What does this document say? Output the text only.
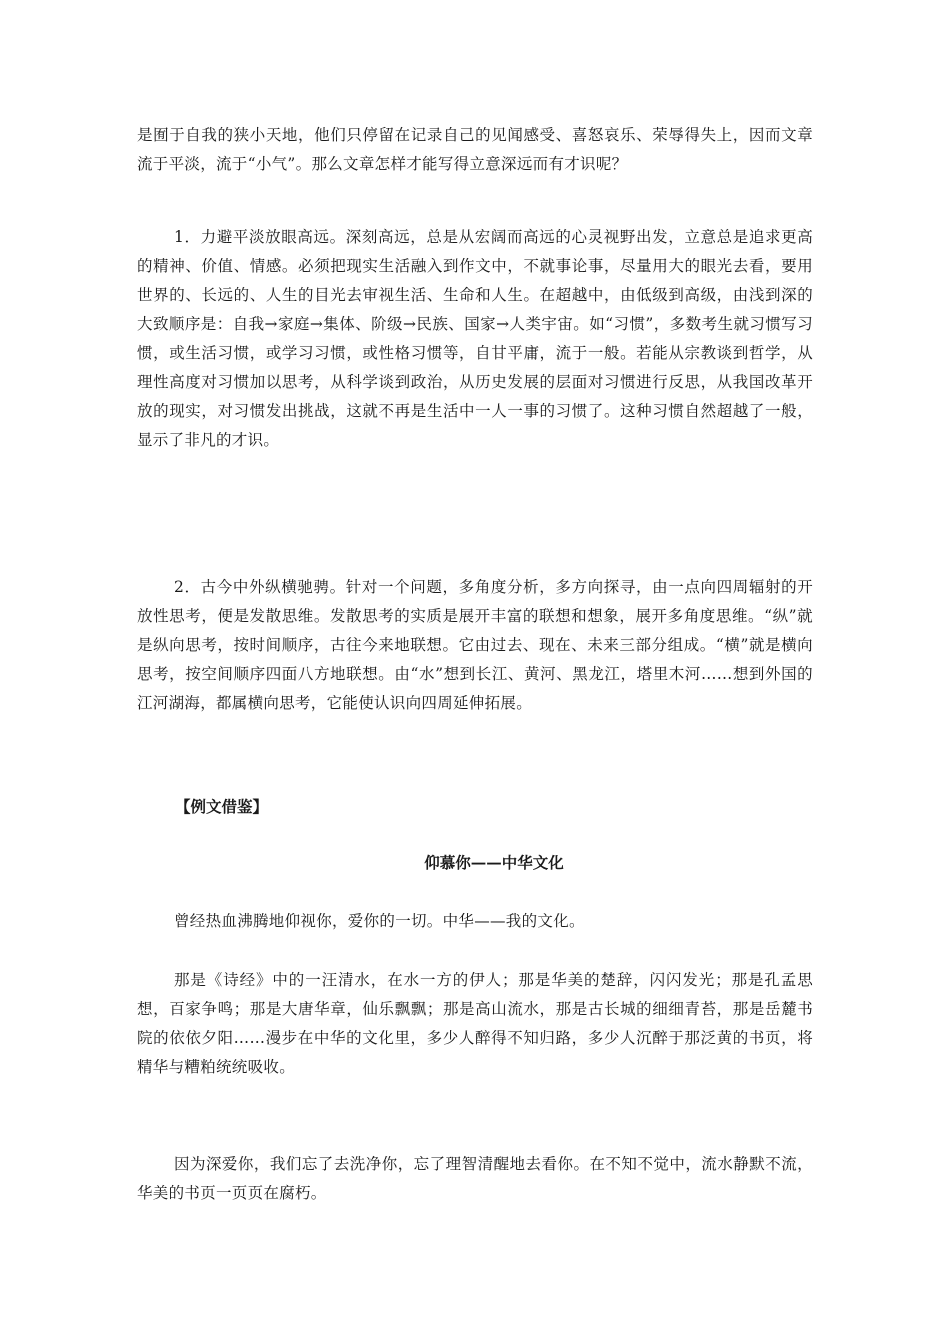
是囿于自我的狭小天地，他们只停留在记录自己的见闻感受、喜怒哀乐、荣辱得失上，因而文章流于平淡，流于“小气”。那么文章怎样才能写得立意深远而有才识呢？

1．力避平淡放眼高远。深刻高远，总是从宏阔而高远的心灵视野出发，立意总是追求更高的精神、价值、情感。必须把现实生活融入到作文中，不就事论事，尽量用大的眼光去看，要用世界的、长远的、人生的目光去审视生活、生命和人生。在超越中，由低级到高级，由浅到深的大致顺序是：自我→家庭→集体、阶级→民族、国家→人类宇宙。如“习惯”，多数考生就习惯写习惯，或生活习惯，或学习习惯，或性格习惯等，自甘平庸，流于一般。若能从宗教谈到哲学，从理性高度对习惯加以思考，从科学谈到政治，从历史发展的层面对习惯进行反思，从我国改革开放的现实，对习惯发出挑战，这就不再是生活中一人一事的习惯了。这种习惯自然超越了一般，显示了非凡的才识。

2．古今中外纵横驰骋。针对一个问题，多角度分析，多方向探寻，由一点向四周辐射的开放性思考，便是发散思维。发散思考的实质是展开丰富的联想和想象，展开多角度思维。“纵”就是纵向思考，按时间顺序，古往今来地联想。它由过去、现在、未来三部分组成。“横”就是横向思考，按空间顺序四面八方地联想。由“水”想到长江、黄河、黑龙江，塔里木河……想到外国的江河湖海，都属横向思考，它能使认识向四周延伸拓展。

【例文借鉴】

仰慕你——中华文化

曾经热血沸腾地仰视你，爱你的一切。中华——我的文化。

那是《诗经》中的一汪清水，在水一方的伊人；那是华美的楚辞，闪闪发光；那是孔孟思想，百家争鸣；那是大唐华章，仙乐飘飘；那是高山流水，那是古长城的细细青苔，那是岳麓书院的依依夕阳……漫步在中华的文化里，多少人醉得不知归路，多少人沉醉于那泛黄的书页，将精华与糟粕统统吸收。

因为深爱你，我们忘了去洗净你，忘了理智清醒地去看你。在不知不觉中，流水静默不流，华美的书页一页页在腐朽。
